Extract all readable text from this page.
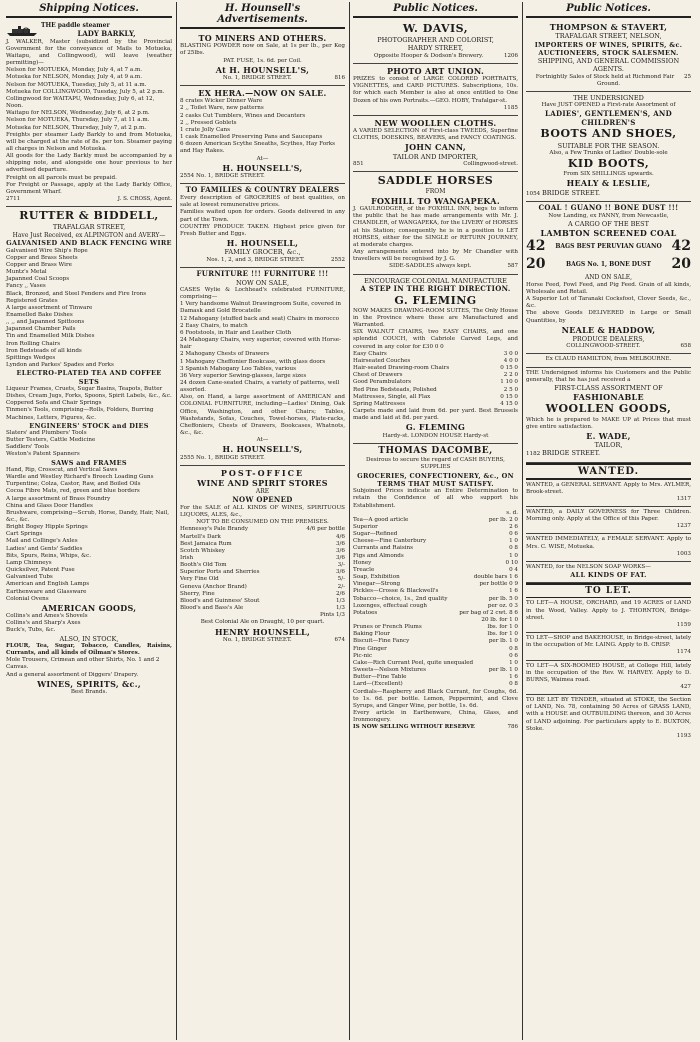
Shipping Notices.
THE paddle steamer
LADY BARKLY,

J. WALKER, Master (subsidized by the Provincial Government for the conveyance of Mails to Motueka, Waitapu, and Collingwood), will leave (weather permitting)—

Nelson for MOTUEKA, Monday, July 4, at 7 a.m.
Motueka for NELSON, Monday, July 4, at 9 a.m.
Nelson for MOTUEKA, Tuesday, July 5, at 11 a.m.
Motueka for COLLINGWOOD, Tuesday, July 5, at 2 p.m.
Collingwood for WAITAPU, Wednesday, July 6, at 12, Noon.
Waitapu for NELSON, Wednesday, July 6, at 2 p.m.
Nelson for MOTUEKA, Thursday, July 7, at 11 a.m.
Motueka for NELSON, Thursday, July 7, at 2 p.m.

Freights per steamer Lady Barkly to and from Motueka, will be charged at the rate of 8s. per ton. Steamer paying all charges in Nelson and Motueka.

All goods for the Lady Barkly must be accompanied by a shipping note, and alongside one hour previous to her advertised departure.

Freight on all parcels must be prepaid.

For Freight or Passage, apply at the Lady Barkly Office, Government Wharf.

J. S. CROSS, Agent.
2711
RUTTER & BIDDELL,
TRAFALGAR STREET,
Have Just Received, ex ALPINGTON and AVERY—
GALVANISED AND BLACK FENCING WIRE
Galvanised Wire Ship's Rope
Copper and Brass Sheets
Copper and Brass Wire
Muntz's Metal
Japanned Coal Scoops
Fancy ,, Vases
Black, Bronzed, and Steel Fenders and Fire Irons
Registered Grates
A large assortment of Tinware
Enamelled Bake Dishes
,, ,, and Japanned Spittoons
Japanned Chamber Pails
Tin and Enamelled Milk Dishes
Iron Rolling Chairs
Iron Bedsteads of all kinds
Spittings Wedges
Lyndon and Parkes' Spades and Forks
ELECTRO-PLATED TEA AND COFFEE SETS
Liqueur Frames, Cruets, Sugar Basins, Teapots, Butter Dishes, Cream Jugs, Forks, Spoons, Spirit Labels, &c., &c.
Coppered Sofa and Chair Springs
Tinmen's Tools, comprising—Rolls, Folders, Burring Machines, Letters, Figures, &c.
ENGINEERS' STOCK and DIES
Slaters' and Plumbers' Tools
Butter Testers, Cattle Medicine
Saddlers' Tools
Weston's Patent Spanners
SAWS and FRAMES
Hand, Rip, Crosscut, and Vertical Saws
Wardle and Westley Richard's Breech Loading Guns
Turpentine; Colza, Castor, Raw, and Boiled Oils
Cocoa Fibre Mats, red, green and blue borders
A large assortment of Brass Foundry
China and Glass Door Handles
Brushware, comprising—Scrub, Horse, Dandy, Hair, Nail, &c., &c.
Bright Bogey Hipple Springs
Cart Springs
Mail and Collinge's Axles
Ladies' and Gents' Saddles
Bits, Spurs, Reins, Whips, &c.
Lamp Chimneys
Quicksilver, Patent Fuse
Galvanised Tubs
American and English Lamps
Earthenware and Glassware
Colonial Ovens
AMERICAN GOODS,
Collins's and Ames's Shovels
Collins's and Sharp's Axes
Buck's, Tubs, &c.
ALSO, IN STOCK,

FLOUR, Tea, Sugar, Tobacco, Candles, Raisins, Currants, and all kinds of Oilman's Stores.

Mole Trousers, Crimean and other Shirts, No. 1 and 2 Canvas.
And a general assortment of Diggers' Drapery.
WINES, SPIRITS, &c.,
Best Brands.
H. Hounsell's Advertisements.
TO MINERS AND OTHERS.

BLASTING POWDER now on Sale, at 1s per lb., per Keg of 25lbs.

PAT. FUSE, 1s. 6d. per Coil.
At H. HOUNSELL'S,
816
No. 1, BRIDGE STREET.
EX HERA.—NOW ON SALE.
8 crates Wicker Dinner Ware
2 ,, Toilet Ware, new patterns
2 casks Cut Tumblers, Wines and Decanters
2 ,, Pressed Goblets
1 crate Jolly Cans
1 cask Enamelled Preserving Pans and Saucepans
6 dozen American Scythe Sneaths, Scythes, Hay Forks and Hay Rakes.
At—
H. HOUNSELL'S,
2554 No. 1, BRIDGE STREET.
TO FAMILIES & COUNTRY DEALERS

Every description of GROCERIES of best qualities, on sale at lowest remunerative prices.

Families waited upon for orders. Goods delivered in any part of the Town.

COUNTRY PRODUCE TAKEN. Highest price given for Fresh Butter and Eggs.

H. HOUNSELL,
FAMILY GROCER, &c.,
2552
Nos. 1, 2, and 3, BRIDGE STREET.
FURNITURE !!! FURNITURE !!!
NOW ON SALE,

CASES Wylie & Lochhead's celebrated FURNITURE, comprising—

1 Very handsome Walnut Drawingroom Suite, covered in Damask and Gold Brocatelle
12 Mahogany (stuffed back and seat) Chairs in morocco
2 Easy Chairs, to match
6 Footstools, in Hair and Leather Cloth
24 Mahogany Chairs, very superior, covered with Horse-hair
2 Mahogany Chests of Drawers
1 Mahogany Cheffonier Bookcase, with glass doors
3 Spanish Mahogany Loo Tables, various
36 Very superior Sewing-glasses, large sizes
24 dozen Cane-seated Chairs, a variety of patterns, well assorted.

Also, on Hand, a large assortment of AMERICAN and COLONIAL FURNITURE, including—Ladies' Dining, Oak Office, Washington, and other Chairs; Tables, Washstands, Sofas, Couches, Towel-horses, Plate-racks, Cheffoniers, Chests of Drawers, Bookcases, Whatnots, &c., &c.

At—
H. HOUNSELL'S,
2555 No. 1, BRIDGE STREET.
POST-OFFICE
WINE AND SPIRIT STORES
ARE
NOW OPENED

For the SALE of ALL KINDS OF WINES, SPIRITUOUS LIQUORS, ALES, &c.,

NOT TO BE CONSUMED ON THE PREMISES.
Hennessy's Pale Brandy	4/6 per bottle
Martell's Dark	4/6
Best Jamaica Rum	3/6
Scotch Whiskey	3/6
Irish	3/6
Booth's Old Tom	3/-
Superior Ports and Sherries	3/6
Very Fine Old	5/-
Geneva (Anchor Brand)	2/-
Sherry, Fine	2/6
Blood's and Guinness' Stout	1/3
Blood's and Bass's Ale	1/3
Pints 1/3
Best Colonial Ale on Draught, 10 per quart.
HENRY HOUNSELL,
674
No. 1, BRIDGE STREET.
Public Notices.
W. DAVIS,
PHOTOGRAPHER AND COLORIST,
HARDY STREET,
1206
Opposite Hooper & Dodson's Brewery.
PHOTO ART UNION.

PRIZES to consist of LARGE COLORED PORTRAITS, VIGNETTES, and CARD PICTURES. Subscriptions, 10s. for which each Member is also at once entitled to One Dozen of his own Portraits.—GEO. HOBY, Trafalgar-st.

1185
NEW WOOLLEN CLOTHS.

A VARIED SELECTION of First-class TWEEDS, Superfine CLOTHS, DOESKINS, BEAVERS, and FANCY COATINGS.

JOHN CANN,
TAILOR AND IMPORTER,
Collingwood-street.
851
SADDLE HORSES
FROM
FOXHILL TO WANGAPEKA.

J. GAULRODGER, of the FOXHILL INN, begs to inform the public that he has made arrangements with Mr. J. CHANDLER, of WANGAPEKA, for the LIVERY of HORSES at his Station; consequently he is in a position to LET HORSES, either for the SINGLE or RETURN JOURNEY, at moderate charges.

Any arrangements entered into by Mr Chandler with travellers will be recognised by J. G.

587
SIDE-SADDLES always kept.
ENCOURAGE COLONIAL MANUFACTURE
A STEP IN THE RIGHT DIRECTION.
G. FLEMING

NOW MAKES DRAWING-ROOM SUITES, The Only House in the Province where these are Manufactured and Warranted.

SIX WALNUT CHAIRS, two EASY CHAIRS, and one splendid COUCH, with Cabriole Carved Legs, and covered in any color for £30 0 0

Easy Chairs	3 0 0
Hairseated Couches	4 0 0
Hair-seated Drawing-room Chairs	0 15 0
Chest of Drawers	2 2 0
Good Perambulators	1 10 0
Red Pine Bedsteads, Polished	2 5 0
Mattresses, Single, all Flax	0 15 0
Spring Mattresses	4 15 0

Carpets made and laid from 6d. per yard. Best Brussels made and laid at 8d. per yard.

G. FLEMING
Hardy-st. LONDON HOUSE Hardy-st
THOMAS DACOMBE,
Desirous to secure the regard of CASH BUYERS, SUPPLIES
GROCERIES, CONFECTIONERY, &c., ON TERMS THAT MUST SATISFY.

Subjoined Prices indicate an Entire Determination to retain the Confidence of all who support his Establishment.

s. d.
Tea—A good article	per lb. 2 0
Superior	2 6
Sugar—Refined	0 6
Cheese—Fine Canterbury	1 0
Currants and Raisins	0 8
Figs and Almonds	1 0
Honey	0 10
Treacle	0 4
Soap, Exhibition	double bars 1 6
Vinegar—Strong	per bottle 0 9
Pickles—Crosse & Blackwell's	1 6
Tobacco—choice, 1s., 2nd quality	per lb. 5 0
Lozenges, effectual cough	per oz. 0 3
Potatoes	per bag of 2 cwt. 8 6
20 lb. for 1 0
Prunes or French Plums	lbs. for 1 0
Baking Flour	lbs. for 1 0
Biscuit—Fine Fancy	per lb. 1 0
Fine Ginger	0 8
Pic-nic	0 6
Cake—Rich Currant Peel, quite unequaled	1 0
Sweets—Nelson Mixtures	per lb. 1 0
Butter—Fine Table	1 6
Lard—(Excellent)	0 8

Cordials—Raspberry and Black Currant, for Coughs, 6d. to 1s. 6d. per bottle. Lemon, Peppermint, and Clove Syrups, and Ginger Wine, per bottle, 1s. 6d.

Every article in Earthenware, China, Glass, and Ironmongery.

786
IS NOW SELLING WITHOUT RESERVE
Public Notices.
THOMPSON & STAVERT,
TRAFALGAR STREET, NELSON,
IMPORTERS OF WINES, SPIRITS, &c.
AUCTIONEERS, STOCK SALESMEN.
SHIPPING, AND GENERAL COMMISSION AGENTS.
25
Fortnightly Sales of Stock held at Richmond Fair Ground.
THE UNDERSIGNED
Have JUST OPENED a First-rate Assortment of
LADIES', GENTLEMEN'S, AND CHILDREN'S
BOOTS AND SHOES,
SUITABLE FOR THE SEASON.
Also, a Few Trunks of Ladies' Double-sole
KID BOOTS,
From SIX SHILLINGS upwards.
HEALY & LESLIE,
1054 BRIDGE STREET.
COAL ! GUANO !! BONE DUST !!!
Now Landing, ex FANNY, from Newcastle,
A CARGO OF THE BEST
LAMBTON SCREENED COAL
42	BAGS BEST PERUVIAN GUANO 42
20	BAGS No. 1, BONE DUST	20
AND ON SALE,

Horse Feed, Fowl Feed, and Pig Feed. Grain of all kinds, Wholesale and Retail.

A Superior Lot of Taranaki Cocksfoot, Clover Seeds, &c., &c.

The above Goods DELIVERED in Large or Small Quantities, by

NEALE & HADDOW,
PRODUCE DEALERS,
658
COLLINGWOOD-STREET.
Ex CLAUD HAMILTON, from MELBOURNE.

THE Undersigned informs his Customers and the Public generally, that he has just received a

FIRST-CLASS ASSORTMENT OF
FASHIONABLE
WOOLLEN GOODS,

Which he is prepared to MAKE UP at Prices that must give entire satisfaction.

E. WADE,
TAILOR,
1182 BRIDGE STREET.
WANTED.

WANTED, a GENERAL SERVANT. Apply to Mrs. AYLMER, Brook-street.

1317

WANTED, a DAILY GOVERNESS for Three Children. Morning only. Apply at the Office of this Paper.

1237

WANTED IMMEDIATELY, a FEMALE SERVANT. Apply to Mrs. C. WISE, Motueka.

1003

WANTED, for the NELSON SOAP WORKS—

ALL KINDS OF FAT.
TO LET.

TO LET—A HOUSE, ORCHARD, and 19 ACRES of LAND in the Wood, Valley. Apply to J. THORNTON, Bridge-street.

1159

TO LET—SHOP and BAKEHOUSE, in Bridge-street, lately in the occupation of Mr. LAING. Apply to B. CRISP.

1174

TO LET—A SIX-ROOMED HOUSE, at College Hill, lately in the occupation of the Rev. W. HARVEY. Apply to D. BURNS, Waimea road.

427

TO BE LET BY TENDER, situated at STOKE, the Section of LAND, No. 78, containing 50 Acres of GRASS LAND, with a HOUSE and OUTBUILDING thereon, and 30 Acres of LAND adjoining. For particulars apply to E. BUXTON, Stoke.

1193
